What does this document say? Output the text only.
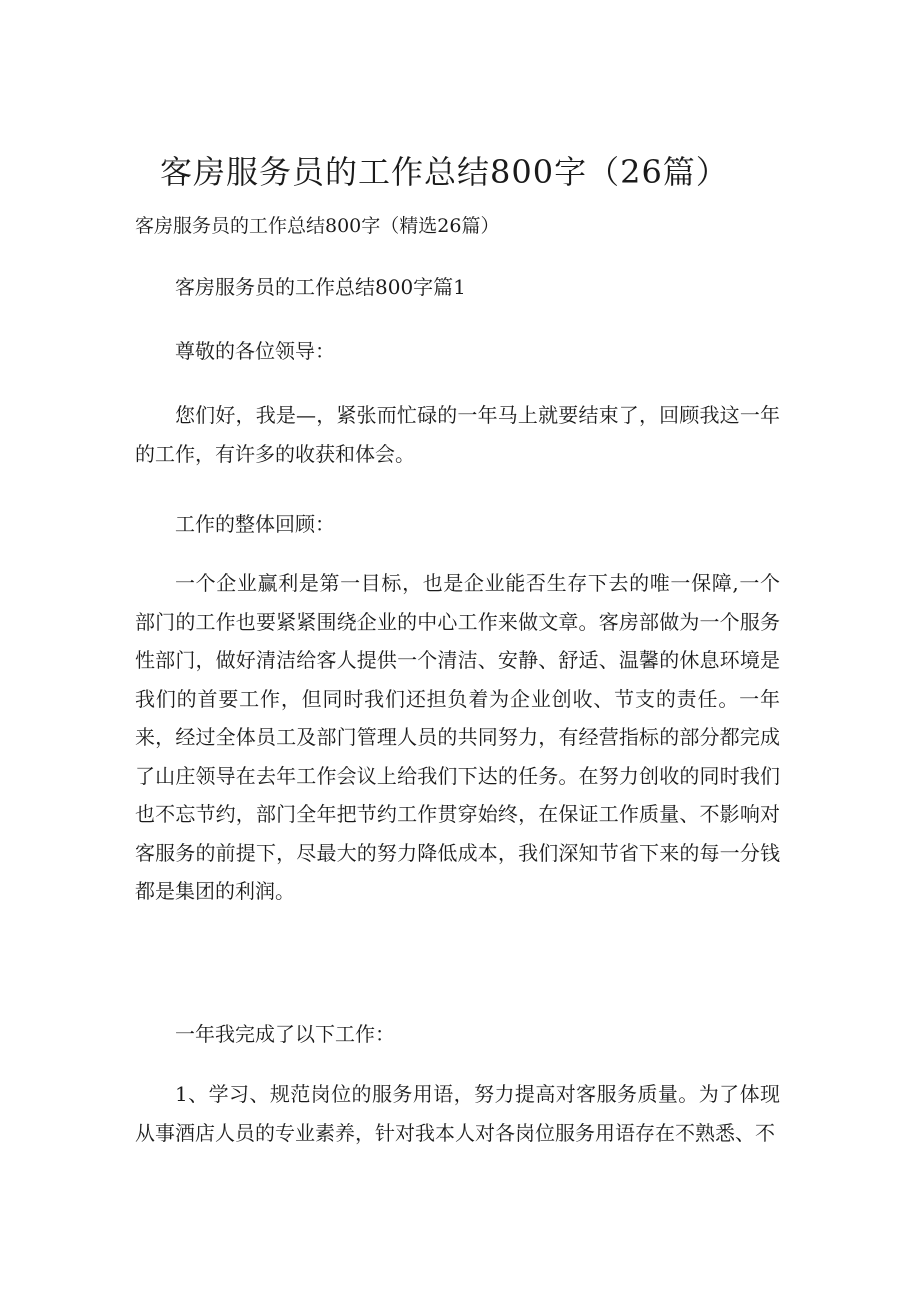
客房服务员的工作总结800字（26篇）
客房服务员的工作总结800字（精选26篇）

客房服务员的工作总结800字篇1

尊敬的各位领导：

您们好，我是—，紧张而忙碌的一年马上就要结束了，回顾我这一年的工作，有许多的收获和体会。

工作的整体回顾：

一个企业赢利是第一目标，也是企业能否生存下去的唯一保障,一个部门的工作也要紧紧围绕企业的中心工作来做文章。客房部做为一个服务性部门，做好清洁给客人提供一个清洁、安静、舒适、温馨的休息环境是我们的首要工作，但同时我们还担负着为企业创收、节支的责任。一年来，经过全体员工及部门管理人员的共同努力，有经营指标的部分都完成了山庄领导在去年工作会议上给我们下达的任务。在努力创收的同时我们也不忘节约，部门全年把节约工作贯穿始终，在保证工作质量、不影响对客服务的前提下，尽最大的努力降低成本，我们深知节省下来的每一分钱都是集团的利润。

一年我完成了以下工作：

1、学习、规范岗位的服务用语，努力提高对客服务质量。为了体现从事酒店人员的专业素养，针对我本人对各岗位服务用语存在不熟悉、不
